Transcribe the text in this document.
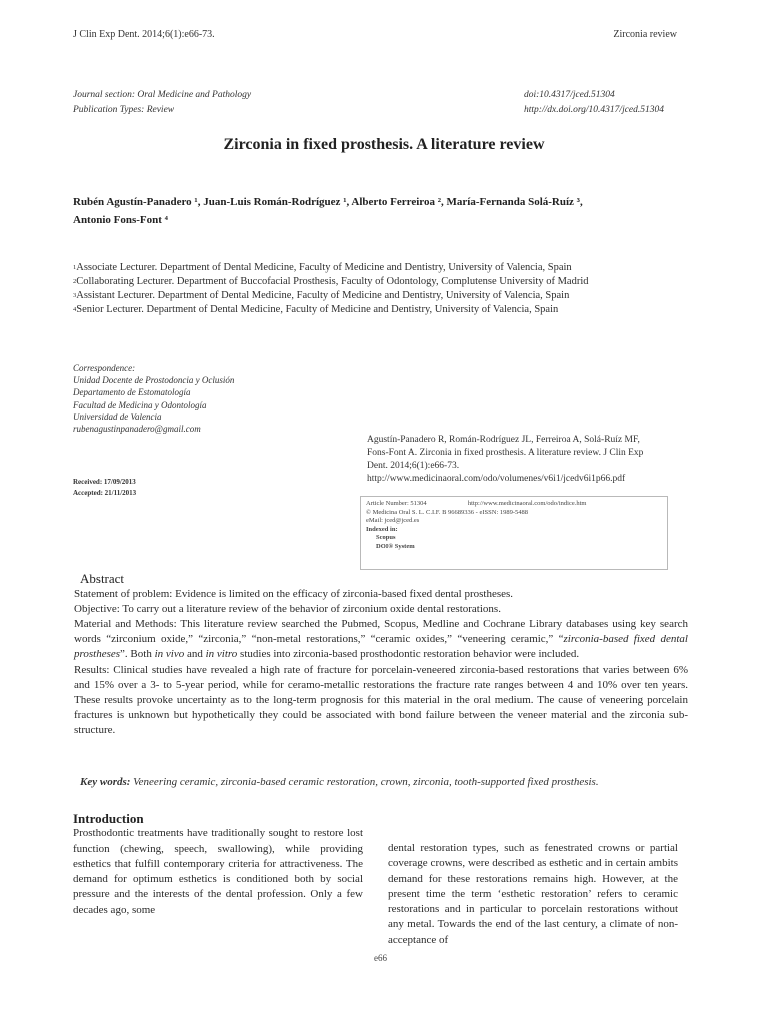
J Clin Exp Dent. 2014;6(1):e66-73.	Zirconia review
Journal section: Oral Medicine and Pathology
Publication Types: Review
doi:10.4317/jced.51304
http://dx.doi.org/10.4317/jced.51304
Zirconia in fixed prosthesis. A literature review
Rubén Agustín-Panadero ¹, Juan-Luis Román-Rodríguez ¹, Alberto Ferreiroa ², María-Fernanda Solá-Ruíz ³,
Antonio Fons-Font ⁴
$^1$Associate Lecturer. Department of Dental Medicine, Faculty of Medicine and Dentistry, University of Valencia, Spain
$^2$Collaborating Lecturer. Department of Buccofacial Prosthesis, Faculty of Odontology, Complutense University of Madrid
$^3$Assistant Lecturer. Department of Dental Medicine, Faculty of Medicine and Dentistry, University of Valencia, Spain
$^4$Senior Lecturer. Department of Dental Medicine, Faculty of Medicine and Dentistry, University of Valencia, Spain
Correspondence:
Unidad Docente de Prostodoncia y Oclusión
Departamento de Estomatología
Facultad de Medicina y Odontología
Universidad de Valencia
rubenagustinpanadero@gmail.com
Received: 17/09/2013
Accepted: 21/11/2013
Agustín-Panadero R, Román-Rodríguez JL, Ferreiroa A, Solá-Ruíz MF,
Fons-Font A. Zirconia in fixed prosthesis. A literature review. J Clin Exp
Dent. 2014;6(1):e66-73.
http://www.medicinaoral.com/odo/volumenes/v6i1/jcedv6i1p66.pdf
Article Number: 51304	http://www.medicinaoral.com/odo/indice.htm
© Medicina Oral S. L. C.I.F. B 96689336 - eISSN: 1989-5488
eMail: jced@jced.es
Indexed in:
Scopus
DOI® System
Abstract

Statement of problem: Evidence is limited on the efficacy of zirconia-based fixed dental prostheses.

Objective: To carry out a literature review of the behavior of zirconium oxide dental restorations.

Material and Methods: This literature review searched the Pubmed, Scopus, Medline and Cochrane Library databases using key search words “zirconium oxide,” “zirconia,” “non-metal restorations,” “ceramic oxides,” “veneering ceramic,” “zirconia-based fixed dental prostheses”. Both in vivo and in vitro studies into zirconia-based prosthodontic restoration behavior were included.

Results: Clinical studies have revealed a high rate of fracture for porcelain-veneered zirconia-based restorations that varies between 6% and 15% over a 3- to 5-year period, while for ceramo-metallic restorations the fracture rate ranges between 4 and 10% over ten years. These results provoke uncertainty as to the long-term prognosis for this material in the oral medium. The cause of veneering porcelain fractures is unknown but hypothetically they could be associated with bond failure between the veneer material and the zirconia sub-structure.

Key words: Veneering ceramic, zirconia-based ceramic restoration, crown, zirconia, tooth-supported fixed prosthesis.
Introduction

Prosthodontic treatments have traditionally sought to restore lost function (chewing, speech, swallowing), while providing esthetics that fulfill contemporary criteria for attractiveness. The demand for optimum esthetics is conditioned both by social pressure and the interests of the dental profession. Only a few decades ago, some

dental restoration types, such as fenestrated crowns or partial coverage crowns, were described as esthetic and in certain ambits demand for these restorations remains high. However, at the present time the term ‘esthetic restoration’ refers to ceramic restorations and in particular to porcelain restorations without any metal. Towards the end of the last century, a climate of non-acceptance of

e66
